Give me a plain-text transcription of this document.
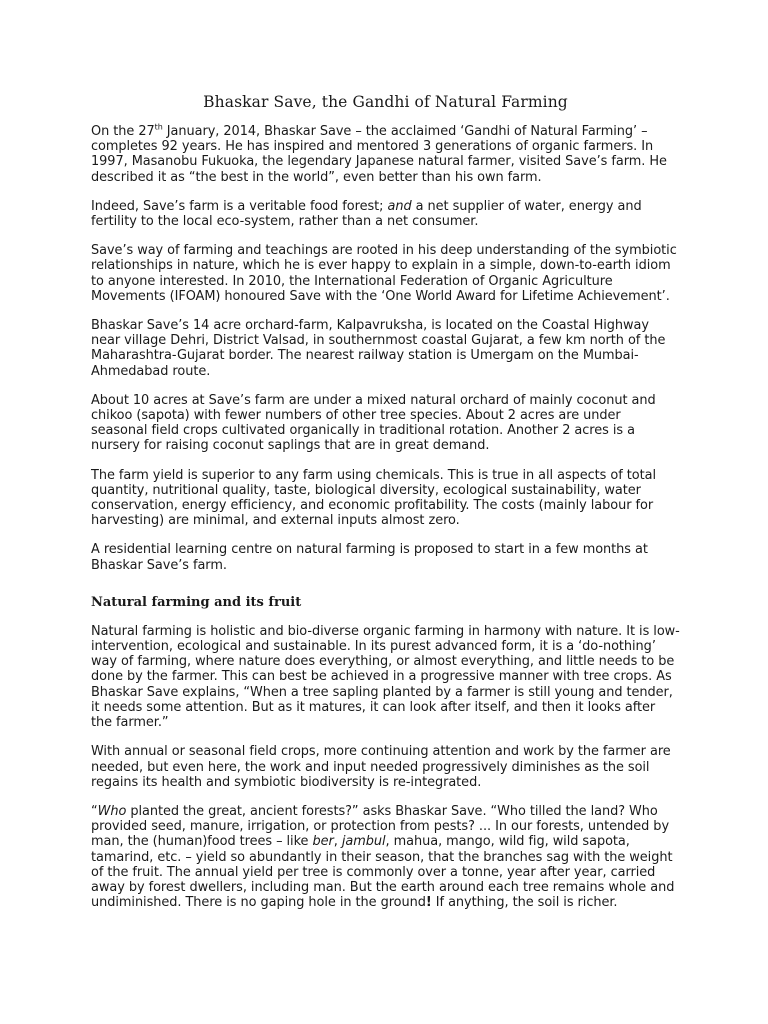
Bhaskar Save, the Gandhi of Natural Farming

On the 27th January, 2014, Bhaskar Save – the acclaimed ‘Gandhi of Natural Farming’ – completes 92 years. He has inspired and mentored 3 generations of organic farmers. In 1997, Masanobu Fukuoka, the legendary Japanese natural farmer, visited Save’s farm. He described it as “the best in the world”, even better than his own farm.

Indeed, Save’s farm is a veritable food forest; and a net supplier of water, energy and fertility to the local eco-system, rather than a net consumer.

Save’s way of farming and teachings are rooted in his deep understanding of the symbiotic relationships in nature, which he is ever happy to explain in a simple, down-to-earth idiom to anyone interested. In 2010, the International Federation of Organic Agriculture Movements (IFOAM) honoured Save with the ‘One World Award for Lifetime Achievement’.

Bhaskar Save’s 14 acre orchard-farm, Kalpavruksha, is located on the Coastal Highway near village Dehri, District Valsad, in southernmost coastal Gujarat, a few km north of the Maharashtra-Gujarat border. The nearest railway station is Umergam on the Mumbai-Ahmedabad route.

About 10 acres at Save’s farm are under a mixed natural orchard of mainly coconut and chikoo (sapota) with fewer numbers of other tree species. About 2 acres are under seasonal field crops cultivated organically in traditional rotation. Another 2 acres is a nursery for raising coconut saplings that are in great demand.

The farm yield is superior to any farm using chemicals. This is true in all aspects of total quantity, nutritional quality, taste, biological diversity, ecological sustainability, water conservation, energy efficiency, and economic profitability. The costs (mainly labour for harvesting) are minimal, and external inputs almost zero.

A residential learning centre on natural farming is proposed to start in a few months at Bhaskar Save’s farm.

Natural farming and its fruit

Natural farming is holistic and bio-diverse organic farming in harmony with nature. It is low-intervention, ecological and sustainable. In its purest advanced form, it is a ‘do-nothing’ way of farming, where nature does everything, or almost everything, and little needs to be done by the farmer. This can best be achieved in a progressive manner with tree crops. As Bhaskar Save explains, “When a tree sapling planted by a farmer is still young and tender, it needs some attention. But as it matures, it can look after itself, and then it looks after the farmer.”

With annual or seasonal field crops, more continuing attention and work by the farmer are needed, but even here, the work and input needed progressively diminishes as the soil regains its health and symbiotic biodiversity is re-integrated.

“Who planted the great, ancient forests?” asks Bhaskar Save. “Who tilled the land? Who provided seed, manure, irrigation, or protection from pests? ... In our forests, untended by man, the (human)food trees – like ber, jambul, mahua, mango, wild fig, wild sapota, tamarind, etc. – yield so abundantly in their season, that the branches sag with the weight of the fruit. The annual yield per tree is commonly over a tonne, year after year, carried away by forest dwellers, including man. But the earth around each tree remains whole and undiminished. There is no gaping hole in the ground! If anything, the soil is richer.
